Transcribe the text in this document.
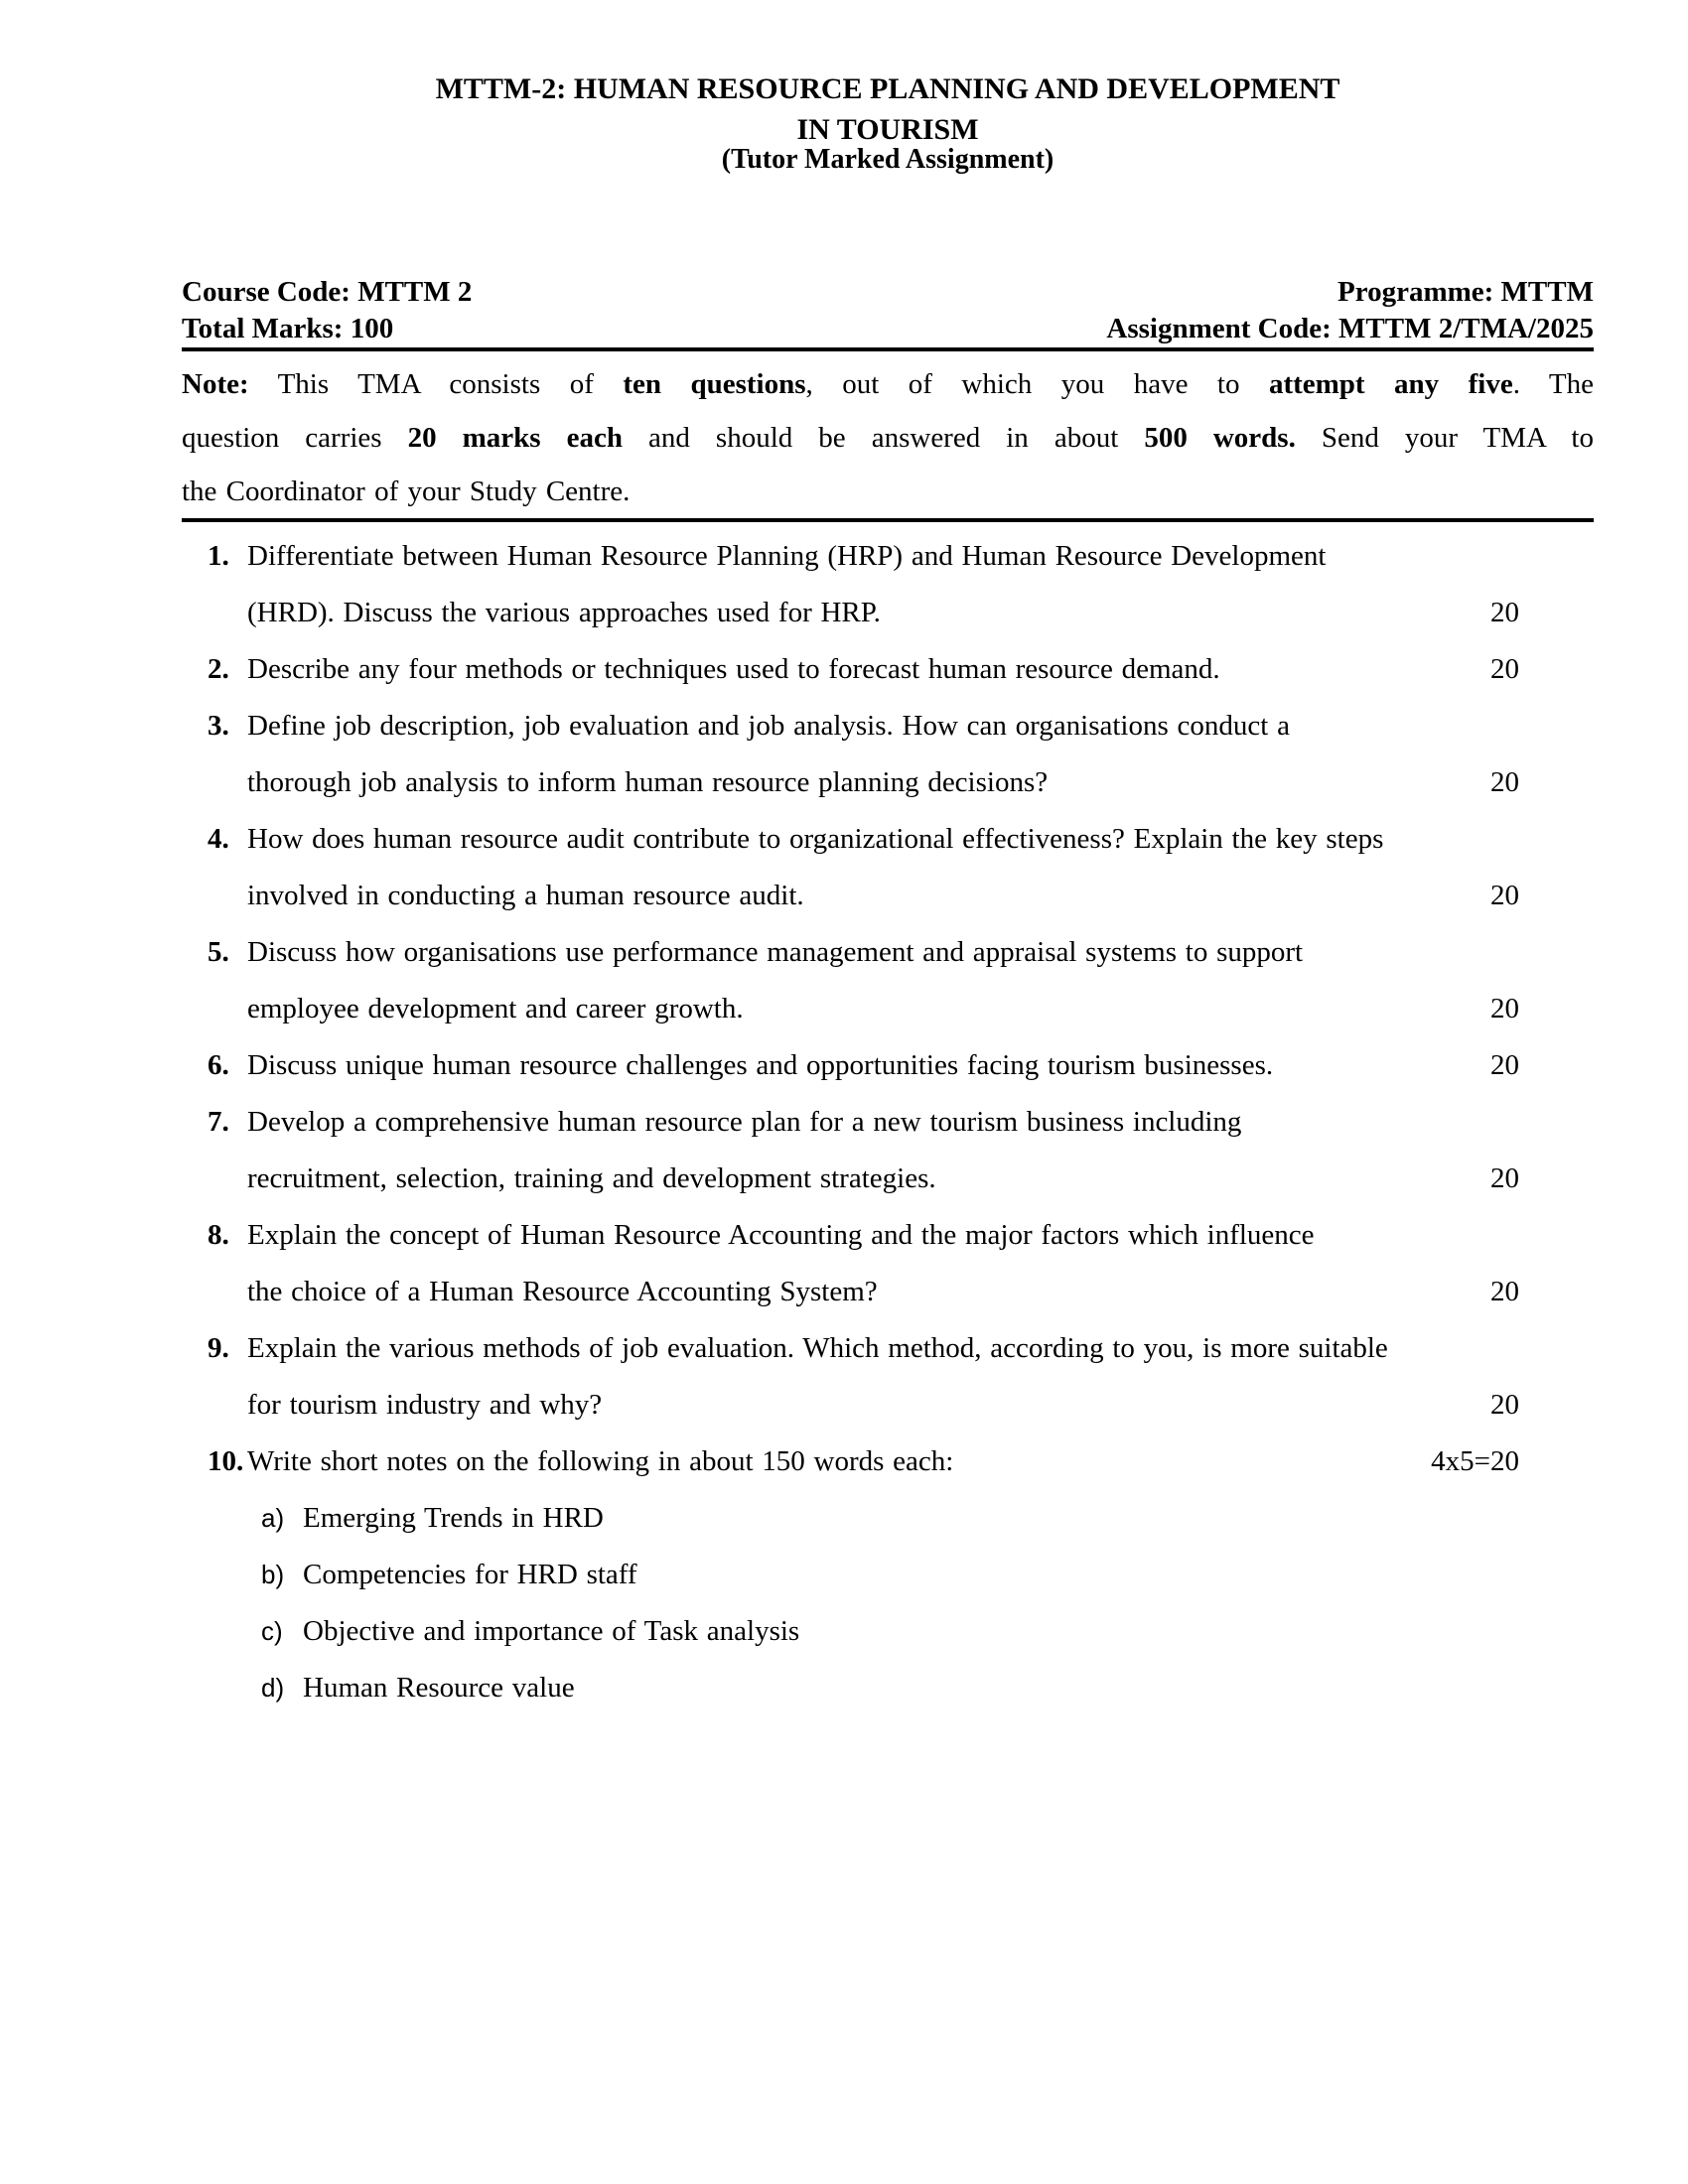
MTTM-2: HUMAN RESOURCE PLANNING AND DEVELOPMENT
IN TOURISM
(Tutor Marked Assignment)
Course Code: MTTM 2
Total Marks: 100
Programme: MTTM
Assignment Code: MTTM 2/TMA/2025
Note: This TMA consists of ten questions, out of which you have to attempt any five. The
question carries 20 marks each and should be answered in about 500 words. Send your TMA to
the Coordinator of your Study Centre.
1. Differentiate between Human Resource Planning (HRP) and Human Resource Development
(HRD). Discuss the various approaches used for HRP.	20
2. Describe any four methods or techniques used to forecast human resource demand.	20
3. Define job description, job evaluation and job analysis. How can organisations conduct a
thorough job analysis to inform human resource planning decisions?	20
4. How does human resource audit contribute to organizational effectiveness? Explain the key steps
involved in conducting a human resource audit.	20
5. Discuss how organisations use performance management and appraisal systems to support
employee development and career growth.	20
6. Discuss unique human resource challenges and opportunities facing tourism businesses.	20
7. Develop a comprehensive human resource plan for a new tourism business including
recruitment, selection, training and development strategies.	20
8. Explain the concept of Human Resource Accounting and the major factors which influence
the choice of a Human Resource Accounting System?	20
9. Explain the various methods of job evaluation. Which method, according to you, is more suitable
for tourism industry and why?	20
10. Write short notes on the following in about 150 words each:	4x5=20
a) Emerging Trends in HRD
b) Competencies for HRD staff
c) Objective and importance of Task analysis
d) Human Resource value
